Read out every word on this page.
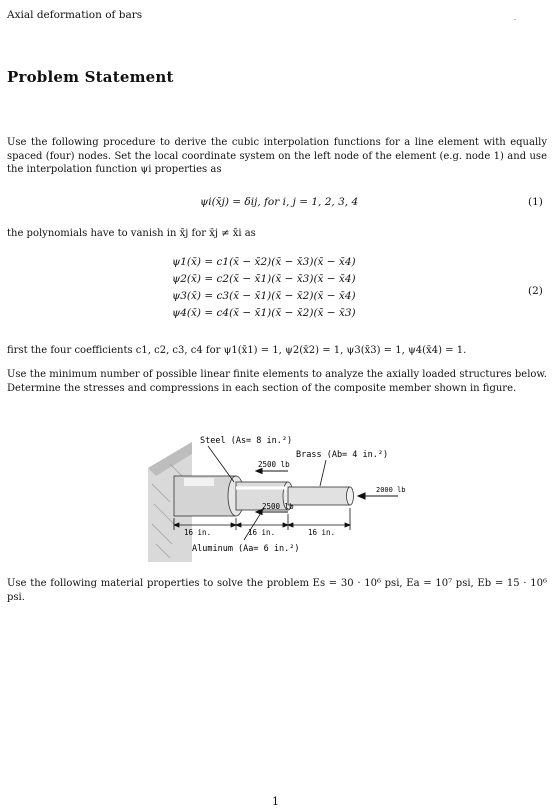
Axial deformation of bars
Problem Statement
Use the following procedure to derive the cubic interpolation functions for a line element with equally spaced (four) nodes. Set the local coordinate system on the left node of the element (e.g. node 1) and use the interpolation function ψi properties as
ψi(x̄j) = δij, for i, j = 1, 2, 3, 4	(1)
the polynomials have to vanish in x̄j for x̄j ≠ x̄i as
ψ1(x̄) = c1(x̄ − x̄2)(x̄ − x̄3)(x̄ − x̄4)
ψ2(x̄) = c2(x̄ − x̄1)(x̄ − x̄3)(x̄ − x̄4)
ψ3(x̄) = c3(x̄ − x̄1)(x̄ − x̄2)(x̄ − x̄4)
ψ4(x̄) = c4(x̄ − x̄1)(x̄ − x̄2)(x̄ − x̄3)
(2)
first the four coefficients c1, c2, c3, c4 for ψ1(x̄1) = 1, ψ2(x̄2) = 1, ψ3(x̄3) = 1, ψ4(x̄4) = 1.
Use the minimum number of possible linear finite elements to analyze the axially loaded structures below. Determine the stresses and compressions in each section of the composite member shown in figure.
Steel (As= 8 in.²)
Brass (Ab= 4 in.²)
2500 lb
2500 lb
2000 lb
16 in.	16 in.	16 in.
Aluminum (Aa= 6 in.²)
Use the following material properties to solve the problem Es = 30 · 10⁶ psi, Ea = 10⁷ psi, Eb = 15 · 10⁶ psi.
1
